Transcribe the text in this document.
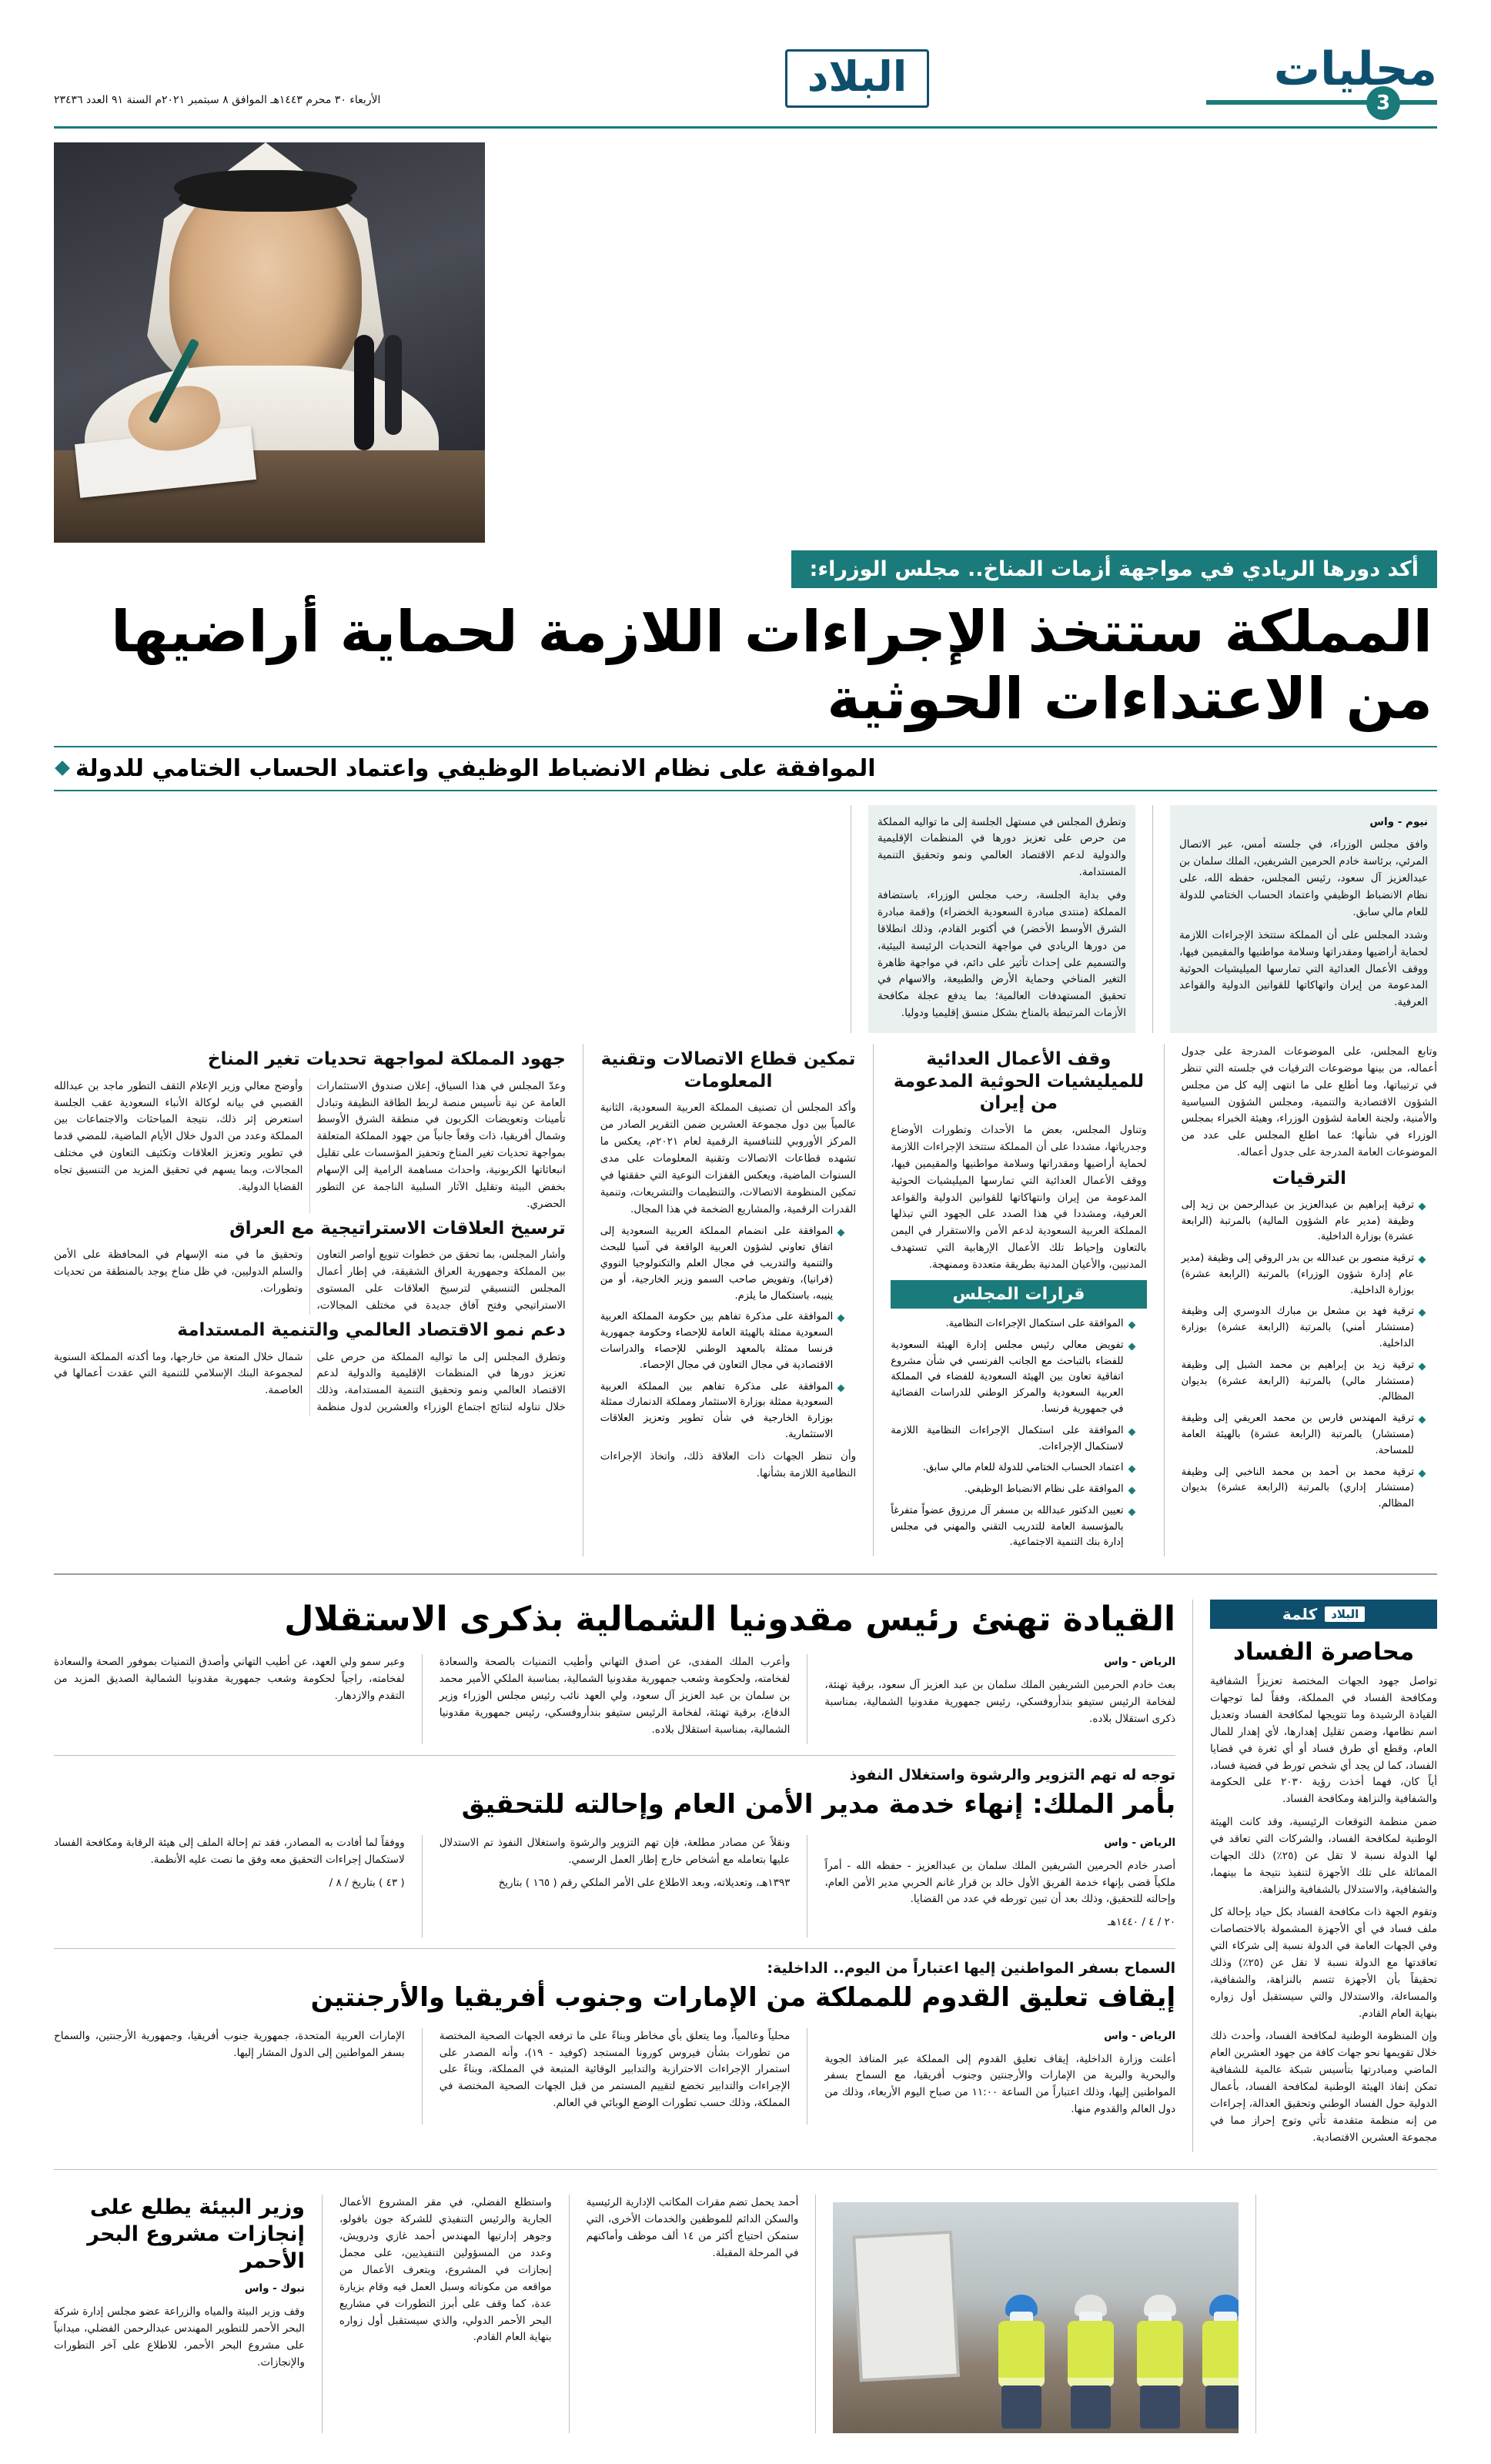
محليات
3
البلاد
الأربعاء ٣٠ محرم ١٤٤٣هـ الموافق ٨ سبتمبر ٢٠٢١م السنة ٩١ العدد ٢٣٤٣٦
أكد دورها الريادي في مواجهة أزمات المناخ.. مجلس الوزراء:
المملكة ستتخذ الإجراءات اللازمة لحماية أراضيها من الاعتداءات الحوثية
الموافقة على نظام الانضباط الوظيفي واعتماد الحساب الختامي للدولة

نيوم - واس

وافق مجلس الوزراء، في جلسته أمس، عبر الاتصال المرئي، برئاسة خادم الحرمين الشريفين، الملك سلمان بن عبدالعزيز آل سعود، رئيس المجلس، حفظه الله، على نظام الانضباط الوظيفي واعتماد الحساب الختامي للدولة للعام مالي سابق.

وشدد المجلس على أن المملكة ستتخذ الإجراءات اللازمة لحماية أراضيها ومقدراتها وسلامة مواطنيها والمقيمين فيها، ووقف الأعمال العدائية التي تمارسها الميليشيات الحوثية المدعومة من إيران واتهاكاتها للقوانين الدولية والقواعد العرفية.

وتطرق المجلس في مستهل الجلسة إلى ما تواليه المملكة من حرص على تعزيز دورها في المنظمات الإقليمية والدولية لدعم الاقتصاد العالمي ونمو وتحقيق التنمية المستدامة.

وفي بداية الجلسة، رحب مجلس الوزراء، باستضافة المملكة (منتدى مبادرة السعودية الخضراء) و(قمة مبادرة الشرق الأوسط الأخضر) في أكتوبر القادم، وذلك انطلاقا من دورها الريادي في مواجهة التحديات الرئيسة البيئية، والتسميم على إحداث تأثير على دائم، في مواجهة ظاهرة التغير المناخي وحماية الأرض والطبيعة، والاسهام في تحقيق المستهدفات العالمية؛ بما يدفع عجلة مكافحة الأزمات المرتبطة بالمناخ بشكل منسق إقليميا ودوليا.

وتابع المجلس، على الموضوعات المدرجة على جدول أعماله، من بينها موضوعات الترقيات في جلسته التي تنظر في ترتيباتها، وما أطلع على ما انتهى إليه كل من مجلس الشؤون الاقتصادية والتنمية، ومجلس الشؤون السياسية والأمنية، ولجنة العامة لشؤون الوزراء، وهيئة الخبراء بمجلس الوزراء في شأنها؛ عما اطلع المجلس على عدد من الموضوعات العامة المدرجة على جدول أعماله.

الترقيات
ترقية إبراهيم بن عبدالعزيز بن عبدالرحمن بن زيد إلى وظيفة (مدير عام الشؤون المالية) بالمرتبة (الرابعة عشرة) بوزارة الداخلية.
ترقية منصور بن عبدالله بن بدر الروقي إلى وظيفة (مدير عام إدارة شؤون الوزراء) بالمرتبة (الرابعة عشرة) بوزارة الداخلية.
ترقية فهد بن مشعل بن مبارك الدوسري إلى وظيفة (مستشار أمني) بالمرتبة (الرابعة عشرة) بوزارة الداخلية.
ترقية زيد بن إبراهيم بن محمد الشبل إلى وظيفة (مستشار مالي) بالمرتبة (الرابعة عشرة) بديوان المظالم.
ترقية المهندس فارس بن محمد العريفي إلى وظيفة (مستشار) بالمرتبة (الرابعة عشرة) بالهيئة العامة للمساحة.
ترقية محمد بن أحمد بن محمد الناخبي إلى وظيفة (مستشار إداري) بالمرتبة (الرابعة عشرة) بديوان المظالم.
وقف الأعمال العدائية للميليشيات الحوثية المدعومة من إيران

وتناول المجلس، بعض ما الأحداث وتطورات الأوضاع وجدرياتها، مشددا على أن المملكة ستتخذ الإجراءات اللازمة لحماية أراضيها ومقدراتها وسلامة مواطنيها والمقيمين فيها، ووقف الأعمال العدائية التي تمارسها الميليشيات الحوثية المدعومة من إيران وانتهاكاتها للقوانين الدولية والقواعد العرفية، ومشددا في هذا الصدد على الجهود التي تبذلها المملكة العربية السعودية لدعم الأمن والاستقرار في اليمن بالتعاون وإحياط تلك الأعمال الإرهابية التي تستهدف المدنيين، والأعيان المدنية بطريقة متعددة وممنهجة.

قرارات المجلس
الموافقة على استكمال الإجراءات النظامية.
تفويض معالي رئيس مجلس إدارة الهيئة السعودية للفضاء بالتباحث مع الجانب الفرنسي في شأن مشروع اتفاقية تعاون بين الهيئة السعودية للفضاء في المملكة العربية السعودية والمركز الوطني للدراسات الفضائية في جمهورية فرنسا.
الموافقة على استكمال الإجراءات النظامية اللازمة لاستكمال الإجراءات.
اعتماد الحساب الختامي للدولة للعام مالي سابق.
الموافقة على نظام الانضباط الوظيفي.
تعيين الدكتور عبدالله بن مسفر آل مرزوق عضواً متفرغاً بالمؤسسة العامة للتدريب التقني والمهني في مجلس إدارة بنك التنمية الاجتماعية.
تمكين قطاع الاتصالات وتقنية المعلومات

وأكد المجلس أن تصنيف المملكة العربية السعودية، الثانية عالمياً بين دول مجموعة العشرين ضمن التقرير الصادر من المركز الأوروبي للتنافسية الرقمية لعام ٢٠٢١م، يعكس ما تشهده قطاعات الاتصالات وتقنية المعلومات على مدى السنوات الماضية، ويعكس القفزات النوعية التي حققتها في تمكين المنظومة الاتصالات، والتنظيمات والتشريعات، وتنمية القدرات الرقمية، والمشاريع الضخمة في هذا المجال.

الموافقة على انضمام المملكة العربية السعودية إلى اتفاق تعاوني لشؤون العربية الواقعة في آسيا للبحث والتنمية والتدريب في مجال العلم والتكنولوجيا النووي (فرانيا)، وتفويض صاحب السمو وزير الخارجية، أو من ينيبه، باستكمال ما يلزم.
الموافقة على مذكرة تفاهم بين حكومة المملكة العربية السعودية ممثلة بالهيئة العامة للإحصاء وحكومة جمهورية فرنسا ممثلة بالمعهد الوطني للإحصاء والدراسات الاقتصادية في مجال التعاون في مجال الإحصاء.
الموافقة على مذكرة تفاهم بين المملكة العربية السعودية ممثلة بوزارة الاستثمار ومملكة الدنمارك ممثلة بوزارة الخارجية في شأن تطوير وتعزيز العلاقات الاستثمارية.

وأن تنظر الجهات ذات العلاقة ذلك، واتخاذ الإجراءات النظامية اللازمة بشأنها.

جهود المملكة لمواجهة تحديات تغير المناخ

وعدّ المجلس في هذا السياق، إعلان صندوق الاستثمارات العامة عن نية تأسيس منصة لربط الطاقة النظيفة وتبادل تأمينات وتعويضات الكربون في منطقة الشرق الأوسط وشمال أفريقيا، ذات وقعاً جانباً من جهود المملكة المتعلقة بمواجهة تحديات تغير المناخ وتحفيز المؤسسات على تقليل انبعاثاتها الكربونية، واحداث مساهمة الرامية إلى الإسهام بخفض البيئة وتقليل الآثار السلبية الناجمة عن التطور الحضري.

وأوضح معالي وزير الإعلام الثقف التطور ماجد بن عبدالله القصبي في بيانه لوكالة الأنباء السعودية عقب الجلسة استعرض إثر ذلك، نتيجة المباحثات والاجتماعات بين المملكة وعدد من الدول خلال الأيام الماضية، للمضي قدما في تطوير وتعزيز العلاقات وتكثيف التعاون في مختلف المجالات، وبما يسهم في تحقيق المزيد من التنسيق تجاه القضايا الدولية.

ترسيخ العلاقات الاستراتيجية مع العراق

وأشار المجلس، بما تحقق من خطوات تنويع أواصر التعاون بين المملكة وجمهورية العراق الشقيقة، في إطار أعمال المجلس التنسيقي لترسيخ العلاقات على المستوى الاستراتيجي وفتح آفاق جديدة في مختلف المجالات، وتحقيق ما في منه الإسهام في المحافظة على الأمن والسلم الدوليين، في ظل مناخ يوجد بالمنطقة من تحديات وتطورات.

دعم نمو الاقتصاد العالمي والتنمية المستدامة

وتطرق المجلس إلى ما تواليه المملكة من حرص على تعزيز دورها في المنظمات الإقليمية والدولية لدعم الاقتصاد العالمي ونمو وتحقيق التنمية المستدامة، وذلك خلال تناوله لنتائج اجتماع الوزراء والعشرين لدول منظمة شمال خلال المتعة من خارجها، وما أكدته المملكة السنوية لمجموعة البنك الإسلامي للتنمية التي عقدت أعمالها في العاصمة.

كلمة	البلاد
محاصرة الفساد

تواصل جهود الجهات المختصة تعزيزاً الشفافية ومكافحة الفساد في المملكة، وفقاً لما توجهات القيادة الرشيدة وما تتويجها لمكافحة الفساد وتعديل اسم نظامها، وضمن تقليل إهدارها، لأي إهدار للمال العام، وقطع أي طرق فساد أو أي ثغرة في قضايا الفساد، كما لن يجد أي شخص تورط في قضية فساد، أياً كان، فهما أخذت رؤية ٢٠٣٠ على الحكومة والشفافية والنزاهة ومكافحة الفساد.

ضمن منظمة التوقعات الرئيسية، وقد كانت الهيئة الوطنية لمكافحة الفساد، والشركات التي تعاقد في لها الدولة نسبة لا تقل عن (٢٥٪) ذلك الجهات المماثلة على تلك الأجهزة لتنفيذ نتيجة ما بينهما، والشفافية، والاستدلال بالشفافية والنزاهة.

وتقوم الجهة ذات مكافحة الفساد بكل حياد بإحالة كل ملف فساد في أي الأجهزة المشمولة بالاختصاصات وفي الجهات العامة في الدولة نسبة إلى شركاء التي تعاقدتها مع الدولة نسبة لا تقل عن (٢٥٪) وذلك تحقيقاً بأن الأجهزة تتسم بالنزاهة، والشفافية، والمساءلة، والاستدلال والتي سيستقبل أول زواره بنهاية العام القادم.

وإن المنظومة الوطنية لمكافحة الفساد، وأحدث ذلك خلال تقويمها نحو جهات كافة من جهود العشرين العام الماضي ومبادرتها بتأسيس شبكة عالمية للشفافية تمكن إنفاذ الهيئة الوطنية لمكافحة الفساد، بأعمال الدولية حول الفساد الوطني وتحقيق العدالة، إجراءات من إنه منظمة متقدمة تأتي وتوج إحراز مما في مجموعة العشرين الاقتصادية.

القيادة تهنئ رئيس مقدونيا الشمالية بذكرى الاستقلال

الرياض - واس

بعث خادم الحرمين الشريفين الملك سلمان بن عبد العزيز آل سعود، برقية تهنئة، لفخامة الرئيس ستيفو بندأروفسكي، رئيس جمهورية مقدونيا الشمالية، بمناسبة ذكرى استقلال بلاده.

وأعرب الملك المفدى، عن أصدق التهاني وأطيب التمنيات بالصحة والسعادة لفخامته، ولحكومة وشعب جمهورية مقدونيا الشمالية، بمناسبة الملكي الأمير محمد بن سلمان بن عبد العزيز آل سعود، ولي العهد نائب رئيس مجلس الوزراء وزير الدفاع، برقية تهنئة، لفخامة الرئيس ستيفو بندأروفسكي، رئيس جمهورية مقدونيا الشمالية، بمناسبة استقلال بلاده.

وعبر سمو ولي العهد، عن أطيب التهاني وأصدق التمنيات بموفور الصحة والسعادة لفخامته، راجياً لحكومة وشعب جمهورية مقدونيا الشمالية الصديق المزيد من التقدم والازدهار.

توجه له تهم التزوير والرشوة واستغلال النفوذ
بأمر الملك: إنهاء خدمة مدير الأمن العام وإحالته للتحقيق

الرياض - واس

أصدر خادم الحرمين الشريفين الملك سلمان بن عبدالعزيز - حفظه الله - أمراً ملكياً قضى بإنهاء خدمة الفريق الأول خالد بن قرار غانم الحربي مدير الأمن العام، وإحالته للتحقيق، وذلك بعد أن تبين تورطه في عدد من القضايا.

٢٠ / ٤ / ١٤٤٠هـ

ونقلاً عن مصادر مطلعة، فإن تهم التزوير والرشوة واستغلال النفوذ تم الاستدلال عليها بتعامله مع أشخاص خارج إطار العمل الرسمي.

١٣٩٣هـ، وتعديلاته، وبعد الاطلاع على الأمر الملكي رقم ( ١٦٥ ) بتاريخ

ووفقاً لما أفادت به المصادر، فقد تم إحالة الملف إلى هيئة الرقابة ومكافحة الفساد لاستكمال إجراءات التحقيق معه وفق ما نصت عليه الأنظمة.

( ٤٣ ) بتاريخ / ٨ /

السماح بسفر المواطنين إليها اعتباراً من اليوم.. الداخلية:
إيقاف تعليق القدوم للمملكة من الإمارات وجنوب أفريقيا والأرجنتين

الرياض - واس

أعلنت وزارة الداخلية، إيقاف تعليق القدوم إلى المملكة عبر المنافذ الجوية والبحرية والبرية من الإمارات والأرجنتين وجنوب أفريقيا، مع السماح بسفر المواطنين إليها، وذلك اعتباراً من الساعة ١١:٠٠ من صباح اليوم الأربعاء، وذلك من دول العالم والقدوم منها.

محلياً وعالمياً، وما يتعلق بأي مخاطر وبناءً على ما ترفعه الجهات الصحية المختصة من تطورات بشأن فيروس كورونا المستجد (كوفيد - ١٩)، وأنه المصدر على استمرار الإجراءات الاحترازية والتدابير الوقائية المتبعة في المملكة، وبناءً على الإجراءات والتدابير تخضع لتقييم المستمر من قبل الجهات الصحية المختصة في المملكة، وذلك حسب تطورات الوضع الوبائي في العالم.

الإمارات العربية المتحدة، جمهورية جنوب أفريقيا، وجمهورية الأرجنتين، والسماح بسفر المواطنين إلى الدول المشار إليها.

أحمد يحمل تضم مقرات المكاتب الإدارية الرئيسية والسكن الدائم للموظفين والخدمات الأخرى، التي ستمكن احتياج أكثر من ١٤ ألف موظف وأماكنهم في المرحلة المقبلة.

واستطلع الفضلي، في مقر المشروع الأعمال الجارية والرئيس التنفيذي للشركة جون بافولو، وجوهر إدارتيها المهندس أحمد غازي ودرويش، وعدد من المسؤولين التنفيذيين، على مجمل إنجازات في المشروع، وبتعرف الأعمال من مواقعه من مكوناته وسبل العمل فيه وقام بزيارة عدة، كما وقف على أبرز التطورات في مشاريع البحر الأحمر الدولي، والذي سيستقبل أول زواره بنهاية العام القادم.

وزير البيئة يطلع على إنجازات مشروع البحر الأحمر

تبوك - واس

وقف وزير البيئة والمياه والزراعة عضو مجلس إدارة شركة البحر الأحمر للتطوير المهندس عبدالرحمن الفضلي، ميدانياً على مشروع البحر الأحمر، للاطلاع على آخر التطورات والإنجازات.
